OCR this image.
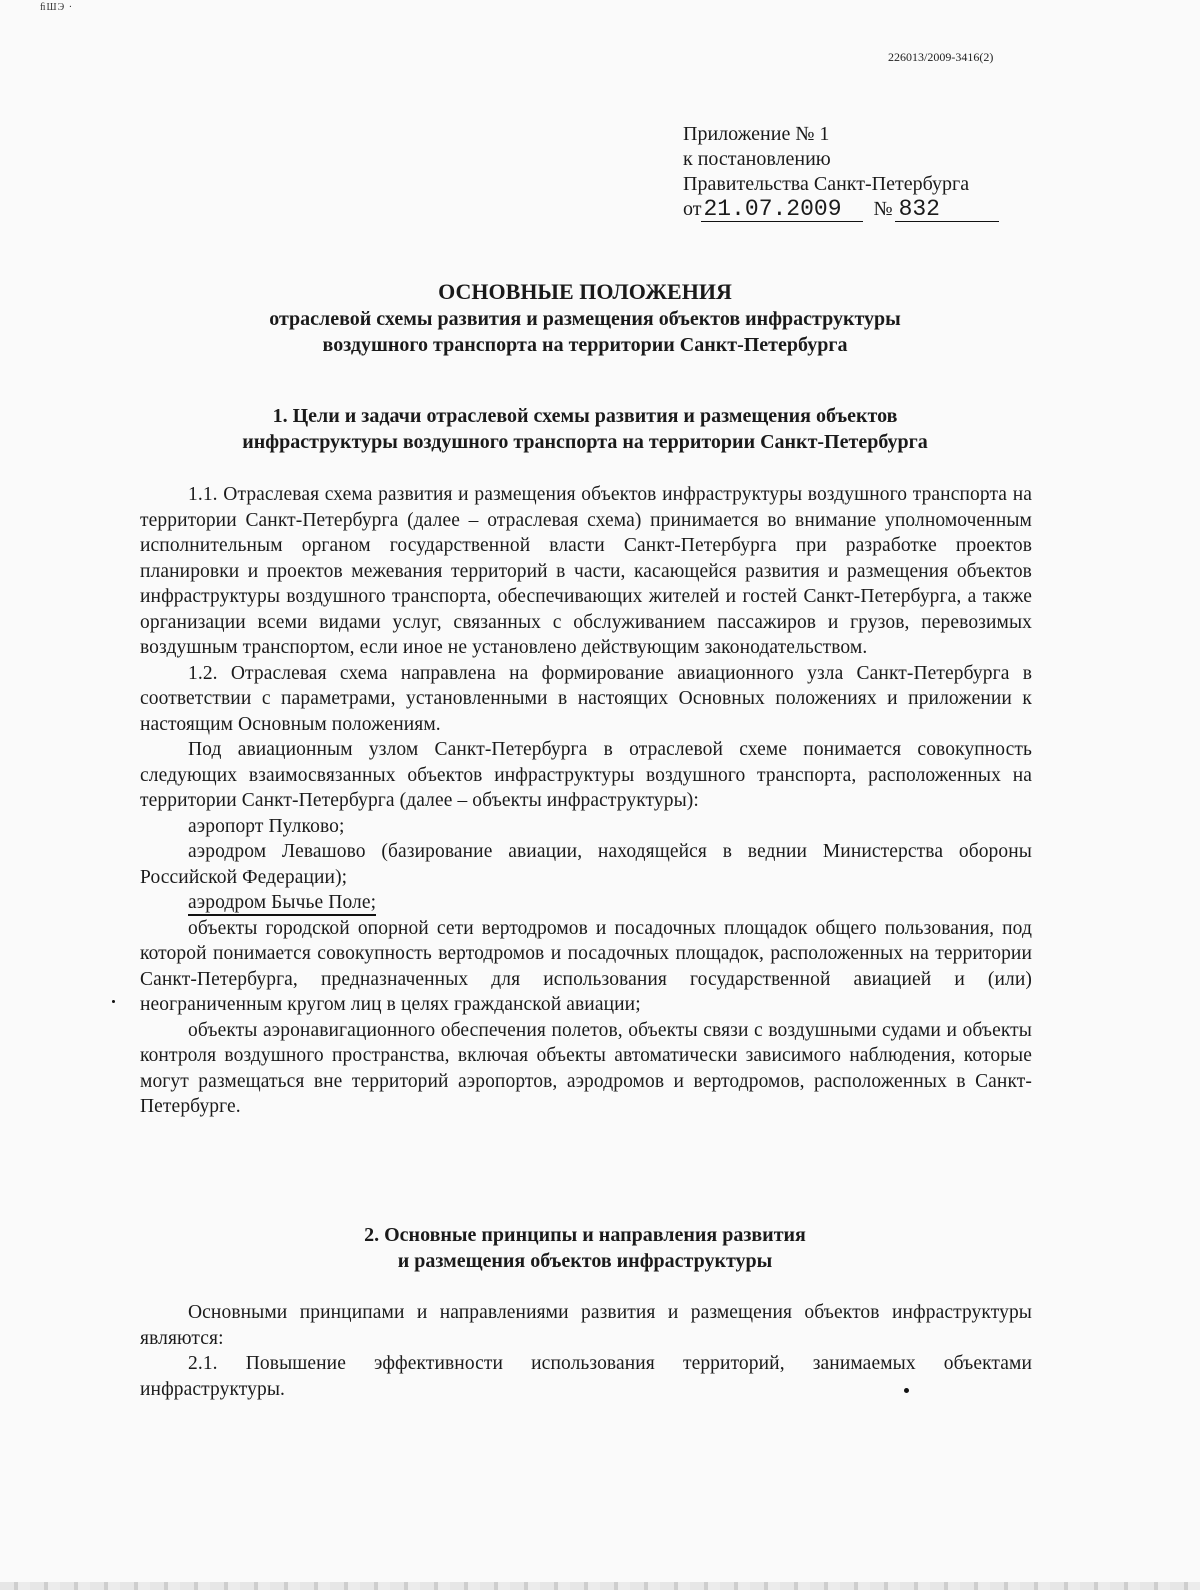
ﬁШЭ ·
226013/2009-3416(2)
Приложение № 1
к постановлению
Правительства Санкт-Петербурга
от 21.07.2009	№ 832
ОСНОВНЫЕ ПОЛОЖЕНИЯ
отраслевой схемы развития и размещения объектов инфраструктуры
воздушного транспорта на территории Санкт-Петербурга
1. Цели и задачи отраслевой схемы развития и размещения объектов
инфраструктуры воздушного транспорта на территории Санкт-Петербурга

1.1. Отраслевая схема развития и размещения объектов инфраструктуры воздушного транспорта на территории Санкт-Петербурга (далее – отраслевая схема) принимается во внимание уполномоченным исполнительным органом государственной власти Санкт-Петербурга при разработке проектов планировки и проектов межевания территорий в части, касающейся развития и размещения объектов инфраструктуры воздушного транспорта, обеспечивающих жителей и гостей Санкт-Петербурга, а также организации всеми видами услуг, связанных с обслуживанием пассажиров и грузов, перевозимых воздушным транспортом, если иное не установлено действующим законодательством.

1.2. Отраслевая схема направлена на формирование авиационного узла Санкт-Петербурга в соответствии с параметрами, установленными в настоящих Основных положениях и приложении к настоящим Основным положениям.

Под авиационным узлом Санкт-Петербурга в отраслевой схеме понимается совокупность следующих взаимосвязанных объектов инфраструктуры воздушного транспорта, расположенных на территории Санкт-Петербурга (далее – объекты инфраструктуры):

аэропорт Пулково;

аэродром Левашово (базирование авиации, находящейся в веднии Министерства обороны Российской Федерации);

аэродром Бычье Поле;

объекты городской опорной сети вертодромов и посадочных площадок общего пользования, под которой понимается совокупность вертодромов и посадочных площадок, расположенных на территории Санкт-Петербурга, предназначенных для использования государственной авиацией и (или) неограниченным кругом лиц в целях гражданской авиации;

объекты аэронавигационного обеспечения полетов, объекты связи с воздушными судами и объекты контроля воздушного пространства, включая объекты автоматически зависимого наблюдения, которые могут размещаться вне территорий аэропортов, аэродромов и вертодромов, расположенных в Санкт-Петербурге.

2. Основные принципы и направления развития
и размещения объектов инфраструктуры

Основными принципами и направлениями развития и размещения объектов инфраструктуры являются:

2.1. Повышение эффективности использования территорий, занимаемых объектами инфраструктуры.
